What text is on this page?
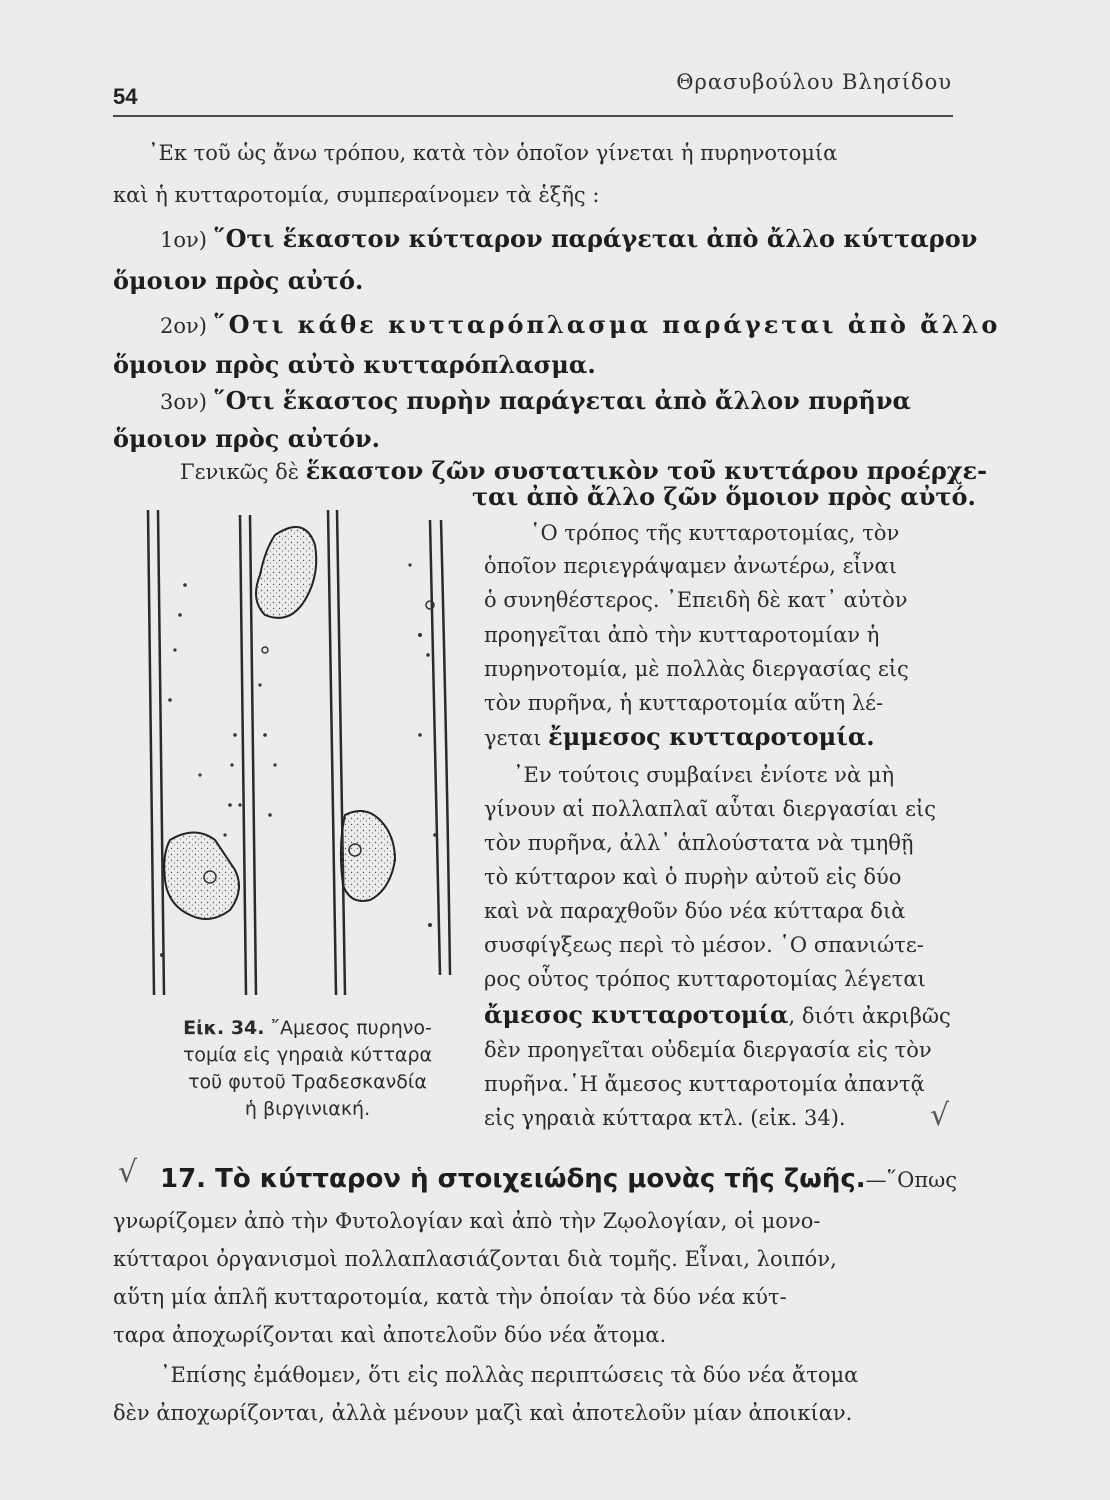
54
Θρασυβούλου Βλησίδου
᾿Εκ τοῦ ὡς ἄνω τρόπου, κατὰ τὸν ὁποῖον γίνεται ἡ πυρηνοτομία
καὶ ἡ κυτταροτομία, συμπεραίνομεν τὰ ἑξῆς :
1ον) ῞Οτι ἕκαστον κύτταρον παράγεται ἀπὸ ἄλλο κύτταρον
ὅμοιον πρὸς αὐτό.
2ον) ῞Οτι κάθε κυτταρόπλασμα παράγεται ἀπὸ ἄλλο
ὅμοιον πρὸς αὐτὸ κυτταρόπλασμα.
3ον) ῞Οτι ἕκαστος πυρὴν παράγεται ἀπὸ ἄλλον πυρῆνα
ὅμοιον πρὸς αὐτόν.
Γενικῶς δὲ ἕκαστον ζῶν συστατικὸν τοῦ κυττάρου προέρχε-
ται ἀπὸ ἄλλο ζῶν ὅμοιον πρὸς αὐτό.
῾Ο τρόπος τῆς κυτταροτομίας, τὸν
ὁποῖον περιεγράψαμεν ἀνωτέρω, εἶναι
ὁ συνηθέστερος. ᾿Επειδὴ δὲ κατ᾿ αὐτὸν
προηγεῖται ἀπὸ τὴν κυτταροτομίαν ἡ
πυρηνοτομία, μὲ πολλὰς διεργασίας εἰς
τὸν πυρῆνα, ἡ κυτταροτομία αὕτη λέ-
γεται ἔμμεσος κυτταροτομία.
᾿Εν τούτοις συμβαίνει ἐνίοτε νὰ μὴ
γίνουν αἱ πολλαπλαῖ αὗται διεργασίαι εἰς
τὸν πυρῆνα, ἀλλ᾿ ἁπλούστατα νὰ τμηθῇ
τὸ κύτταρον καὶ ὁ πυρὴν αὐτοῦ εἰς δύο
καὶ νὰ παραχθοῦν δύο νέα κύτταρα διὰ
συσφίγξεως περὶ τὸ μέσον. ῾Ο σπανιώτε-
ρος οὗτος τρόπος κυτταροτομίας λέγεται
ἄμεσος κυτταροτομία, διότι ἀκριβῶς
δὲν προηγεῖται οὐδεμία διεργασία εἰς τὸν
πυρῆνα.῾Η ἄμεσος κυτταροτομία ἀπαντᾷ
εἰς γηραιὰ κύτταρα κτλ. (εἰκ. 34).	√
Εἰκ. 34. ῎Αμεσος πυρηνο-
τομία εἰς γηραιὰ κύτταρα
τοῦ φυτοῦ Τραδεσκανδία
ἡ βιργινιακή.
√ 17. Τὸ κύτταρον ἡ στοιχειώδης μονὰς τῆς ζωῆς.—῞Οπως
γνωρίζομεν ἀπὸ τὴν Φυτολογίαν καὶ ἀπὸ τὴν Ζῳολογίαν, οἱ μονο-
κύτταροι ὀργανισμοὶ πολλαπλασιάζονται διὰ τομῆς. Εἶναι, λοιπόν,
αὕτη μία ἁπλῆ κυτταροτομία, κατὰ τὴν ὁποίαν τὰ δύο νέα κύτ-
ταρα ἀποχωρίζονται καὶ ἀποτελοῦν δύο νέα ἄτομα.
᾿Επίσης ἐμάθομεν, ὅτι εἰς πολλὰς περιπτώσεις τὰ δύο νέα ἄτομα
δὲν ἀποχωρίζονται, ἀλλὰ μένουν μαζὶ καὶ ἀποτελοῦν μίαν ἀποικίαν.
